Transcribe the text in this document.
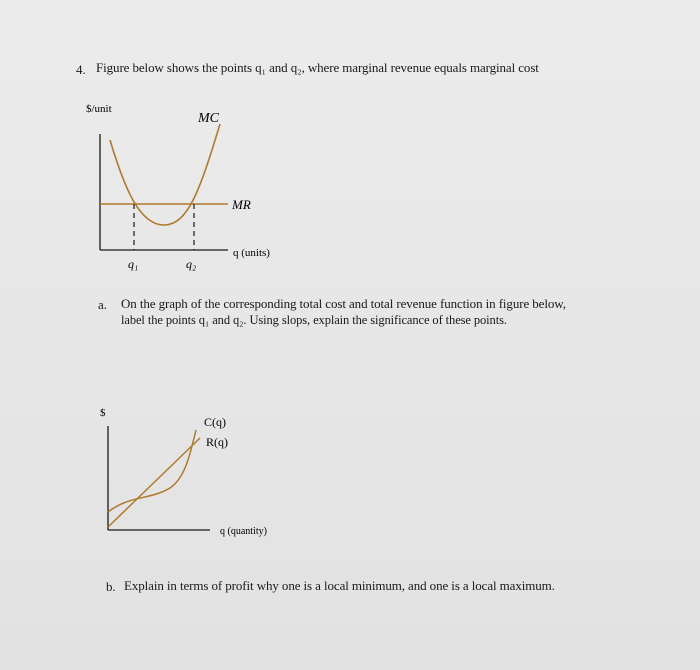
4. Figure below shows the points q₁ and q₂, where marginal revenue equals marginal cost
$/unit
MC
MR
q (units)
q₁	q₂
a. On the graph of the corresponding total cost and total revenue function in figure below,
label the points q₁ and q₂. Using slops, explain the significance of these points.
$
C(q)
R(q)
q (quantity)
b. Explain in terms of profit why one is a local minimum, and one is a local maximum.
